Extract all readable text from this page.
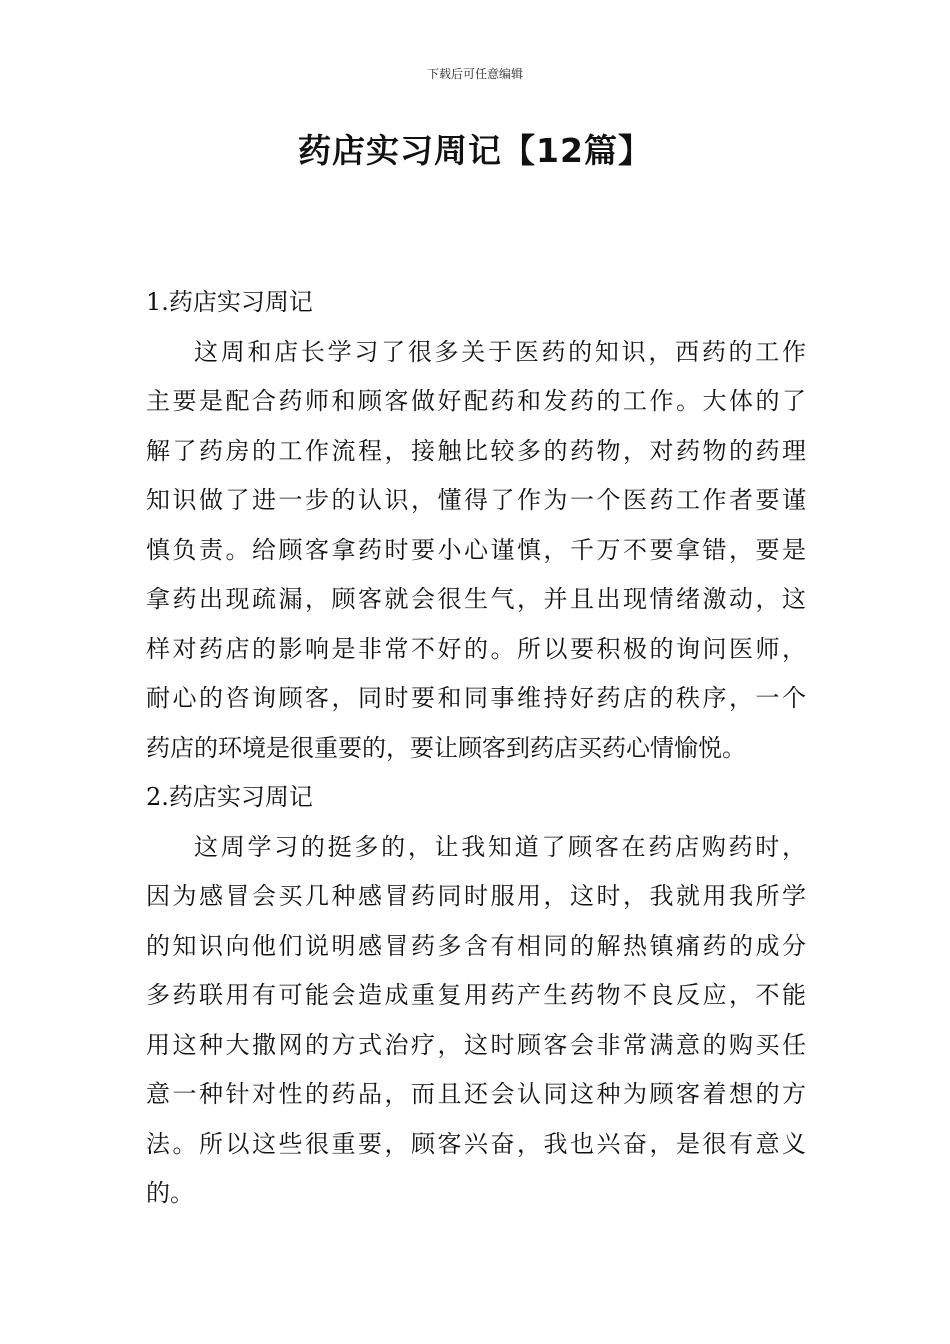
下载后可任意编辑
药店实习周记【12篇】
1.药店实习周记
这周和店长学习了很多关于医药的知识，西药的工作
主要是配合药师和顾客做好配药和发药的工作。大体的了
解了药房的工作流程，接触比较多的药物，对药物的药理
知识做了进一步的认识，懂得了作为一个医药工作者要谨
慎负责。给顾客拿药时要小心谨慎，千万不要拿错，要是
拿药出现疏漏，顾客就会很生气，并且出现情绪激动，这
样对药店的影响是非常不好的。所以要积极的询问医师，
耐心的咨询顾客，同时要和同事维持好药店的秩序，一个
药店的环境是很重要的，要让顾客到药店买药心情愉悦。
2.药店实习周记
这周学习的挺多的，让我知道了顾客在药店购药时，
因为感冒会买几种感冒药同时服用，这时，我就用我所学
的知识向他们说明感冒药多含有相同的解热镇痛药的成分
多药联用有可能会造成重复用药产生药物不良反应，不能
用这种大撒网的方式治疗，这时顾客会非常满意的购买任
意一种针对性的药品，而且还会认同这种为顾客着想的方
法。所以这些很重要，顾客兴奋，我也兴奋，是很有意义
的。
